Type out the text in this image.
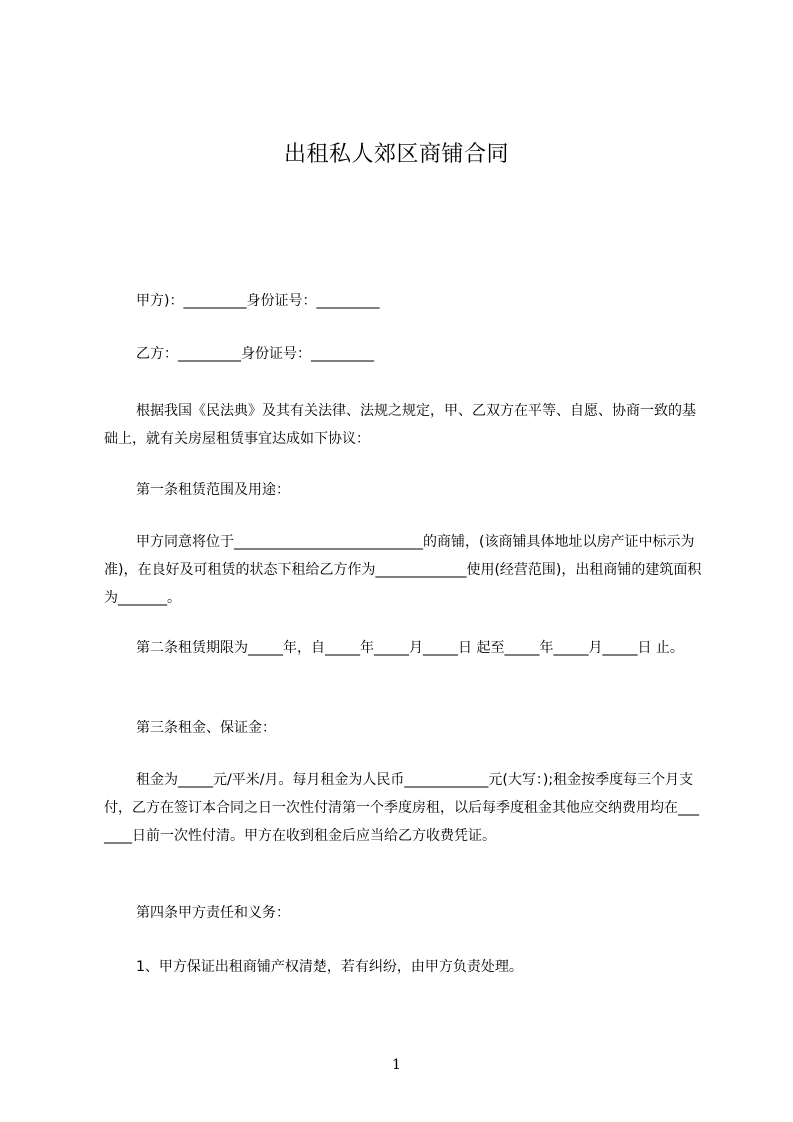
出租私人郊区商铺合同
甲方)：_________身份证号：_________
乙方：_________身份证号：_________
根据我国《民法典》及其有关法律、法规之规定，甲、乙双方在平等、自愿、协商一致的基础上，就有关房屋租赁事宜达成如下协议：
第一条租赁范围及用途：
甲方同意将位于___________________________的商铺，(该商铺具体地址以房产证中标示为准)，在良好及可租赁的状态下租给乙方作为_____________使用(经营范围)，出租商铺的建筑面积为_______。
第二条租赁期限为_____年，自_____年_____月_____日 起至_____年_____月_____日 止。
第三条租金、保证金：
租金为_____元/平米/月。每月租金为人民币____________元(大写：);租金按季度每三个月支付，乙方在签订本合同之日一次性付清第一个季度房租，以后每季度租金其他应交纳费用均在_______日前一次性付清。甲方在收到租金后应当给乙方收费凭证。
第四条甲方责任和义务：
1、甲方保证出租商铺产权清楚，若有纠纷，由甲方负责处理。
1
